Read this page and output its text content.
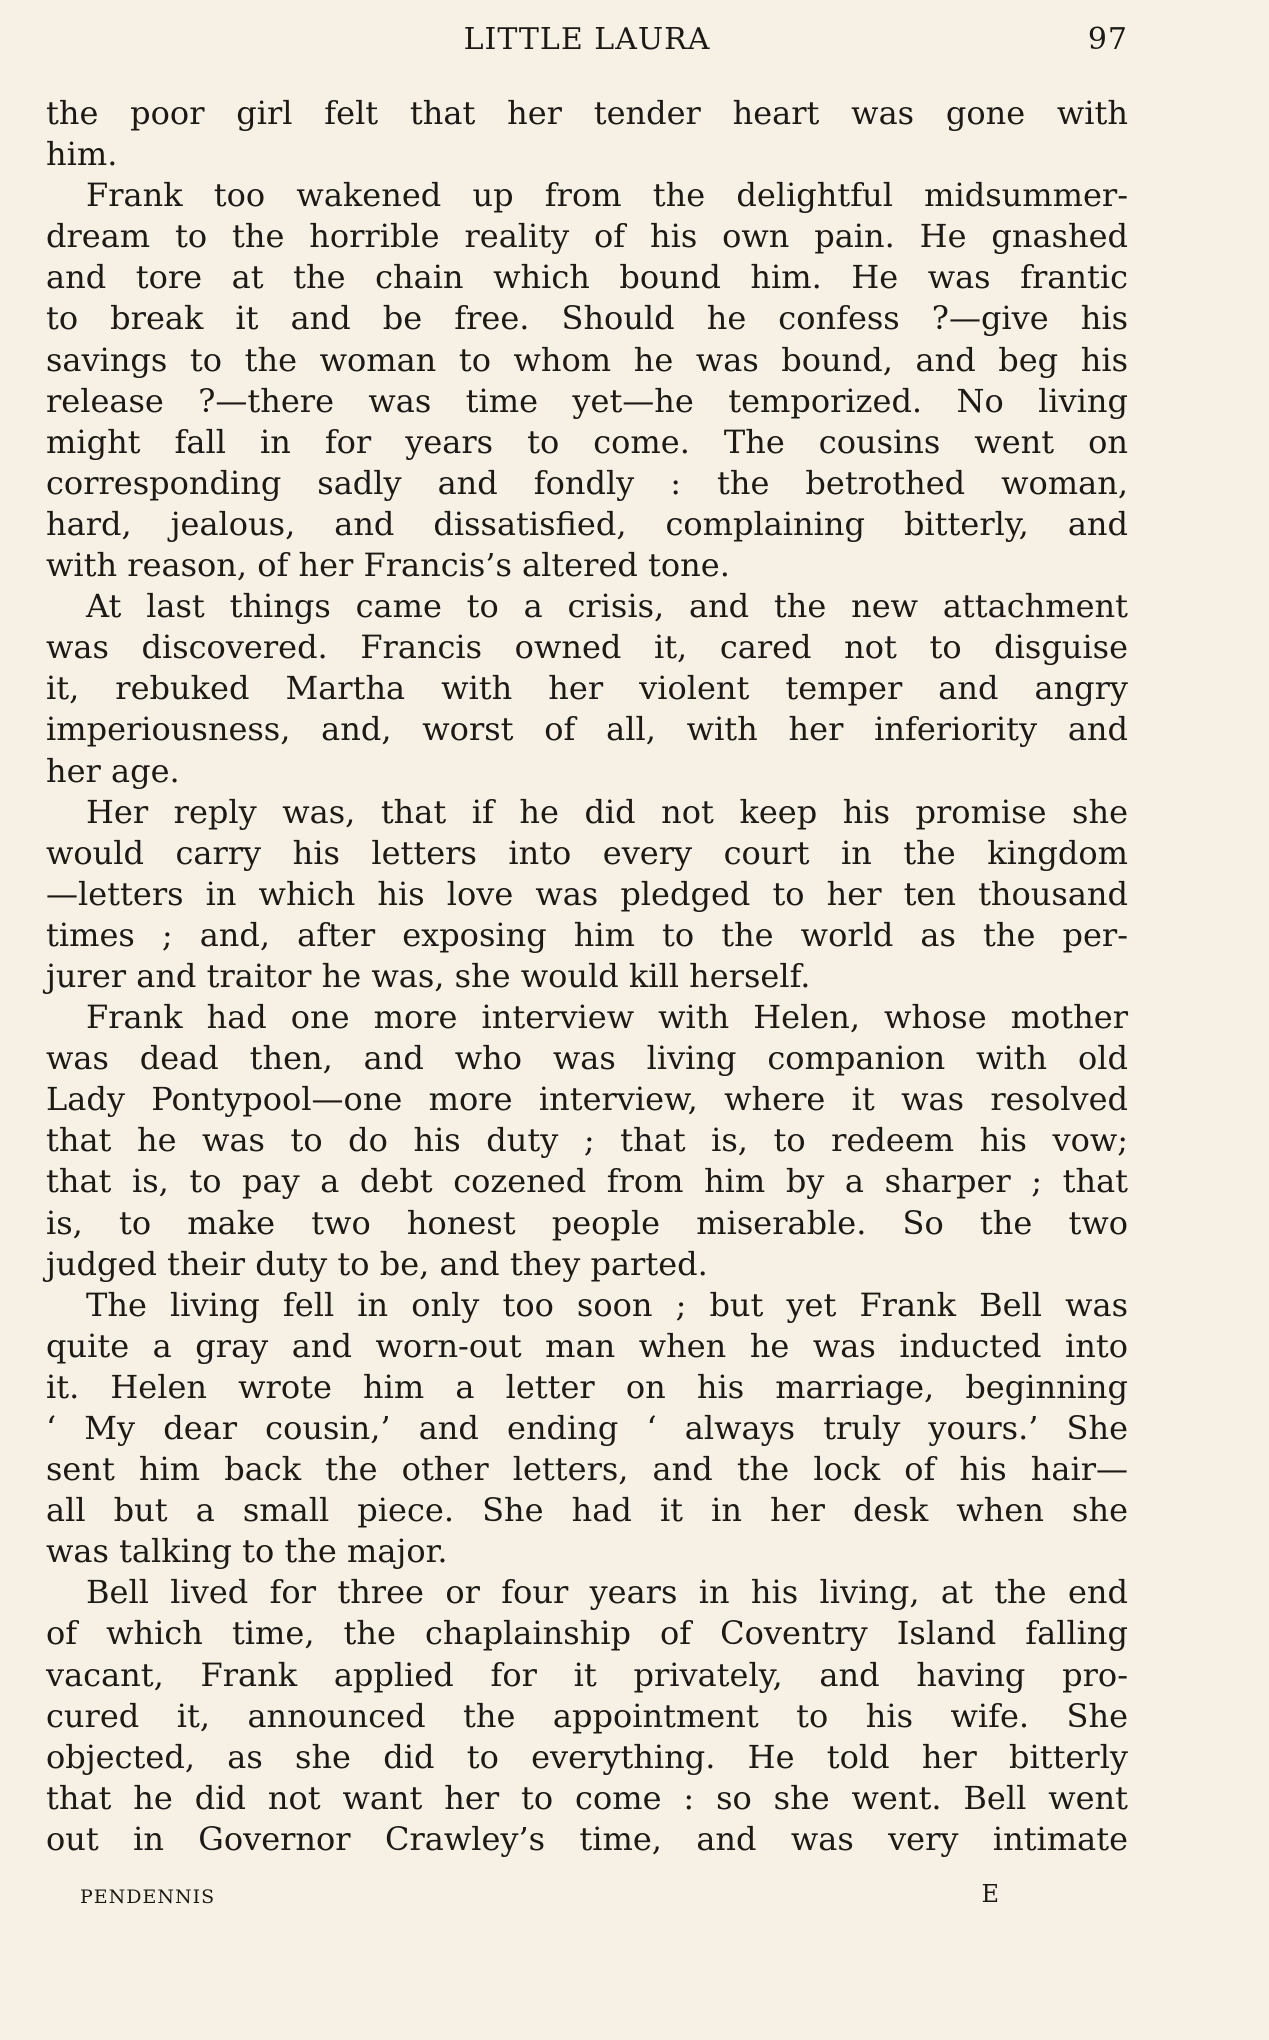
LITTLE LAURA	97
the poor girl felt that her tender heart was gone with
him.
Frank too wakened up from the delightful midsummer-
dream to the horrible reality of his own pain. He gnashed
and tore at the chain which bound him. He was frantic
to break it and be free. Should he confess ?—give his
savings to the woman to whom he was bound, and beg his
release ?—there was time yet—he temporized. No living
might fall in for years to come. The cousins went on
corresponding sadly and fondly : the betrothed woman,
hard, jealous, and dissatisfied, complaining bitterly, and
with reason, of her Francis’s altered tone.
At last things came to a crisis, and the new attachment
was discovered. Francis owned it, cared not to disguise
it, rebuked Martha with her violent temper and angry
imperiousness, and, worst of all, with her inferiority and
her age.
Her reply was, that if he did not keep his promise she
would carry his letters into every court in the kingdom
—letters in which his love was pledged to her ten thousand
times ; and, after exposing him to the world as the per-
jurer and traitor he was, she would kill herself.
Frank had one more interview with Helen, whose mother
was dead then, and who was living companion with old
Lady Pontypool—one more interview, where it was resolved
that he was to do his duty ; that is, to redeem his vow;
that is, to pay a debt cozened from him by a sharper ; that
is, to make two honest people miserable. So the two
judged their duty to be, and they parted.
The living fell in only too soon ; but yet Frank Bell was
quite a gray and worn-out man when he was inducted into
it. Helen wrote him a letter on his marriage, beginning
‘ My dear cousin,’ and ending ‘ always truly yours.’ She
sent him back the other letters, and the lock of his hair—
all but a small piece. She had it in her desk when she
was talking to the major.
Bell lived for three or four years in his living, at the end
of which time, the chaplainship of Coventry Island falling
vacant, Frank applied for it privately, and having pro-
cured it, announced the appointment to his wife. She
objected, as she did to everything. He told her bitterly
that he did not want her to come : so she went. Bell went
out in Governor Crawley’s time, and was very intimate
PENDENNIS	E
